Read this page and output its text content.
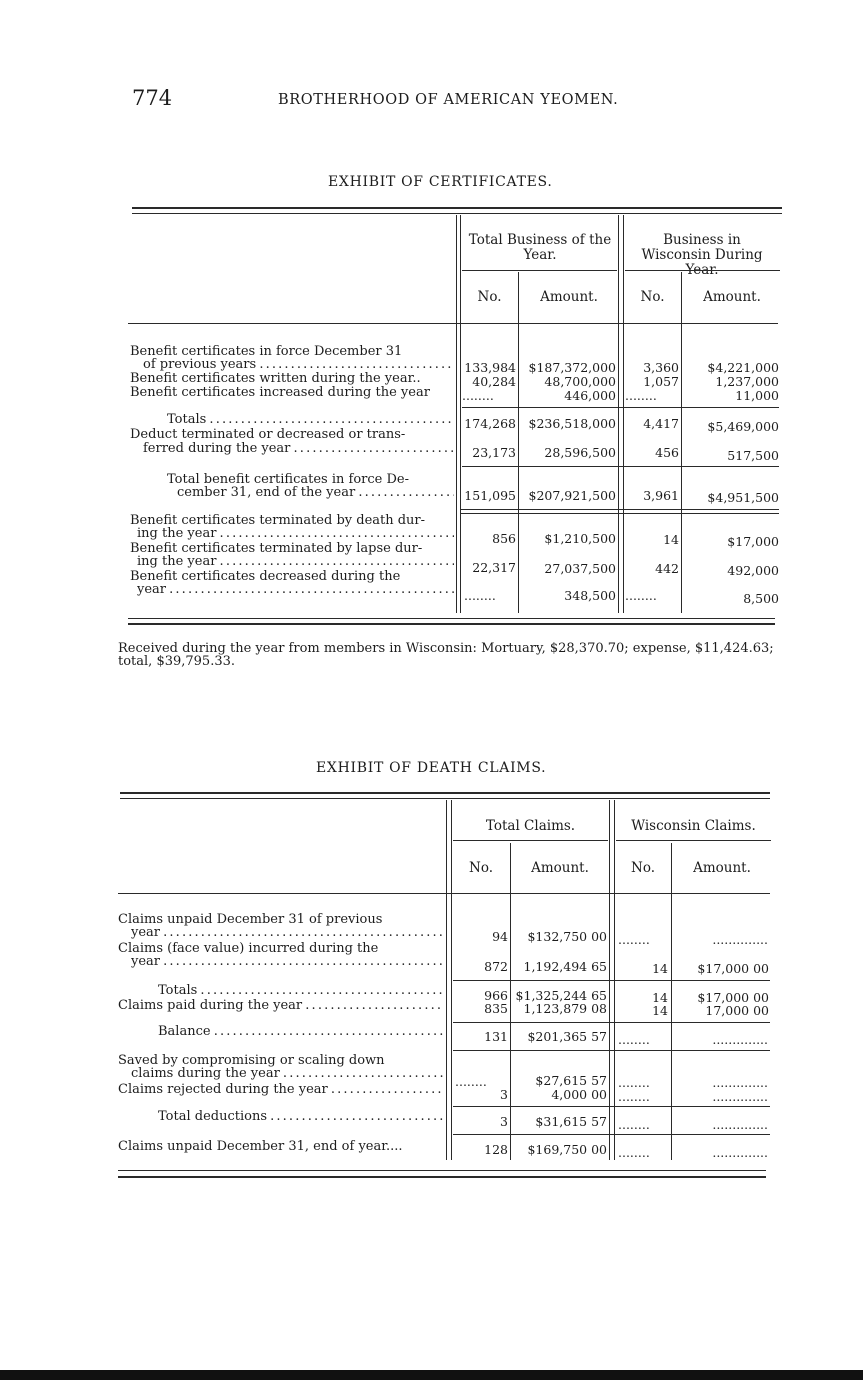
774	BROTHERHOOD OF AMERICAN YEOMEN.
EXHIBIT OF CERTIFICATES.
Total Business of the Year.
Business in Wisconsin During Year.
No.	Amount.	No.	Amount.
Benefit certificates in force December 31
of previous years . . .	133,984	$187,372,000	3,360	$4,221,000
Benefit certificates written during the year..	40,284	48,700,000	1,057	1,237,000
Benefit certificates increased during the year	........	446,000 ........	11,000
Totals . . .	174,268	$236,518,000	4,417	$5,469,000
Deduct terminated or decreased or trans-
ferred during the year . . .	23,173	28,596,500	456	517,500
Total benefit certificates in force De-
cember 31, end of the year . . .	151,095	$207,921,500	3,961	$4,951,500
Benefit certificates terminated by death dur-
ing the year . . .	856	$1,210,500	14	$17,000
Benefit certificates terminated by lapse dur-
ing the year . . .	22,317	27,037,500	442	492,000
Benefit certificates decreased during the
year . . .	........	348,500 ........	8,500
Received during the year from members in Wisconsin: Mortuary, $28,370.70; expense, $11,424.63; total, $39,795.33.
EXHIBIT OF DEATH CLAIMS.
Total Claims.	Wisconsin Claims.
No.	Amount.	No.	Amount.
Claims unpaid December 31 of previous
year . . .	94	$132,750 00 ........	..............
Claims (face value) incurred during the
year . . .	872	1,192,494 65	14	$17,000 00
Totals . . .	966 $1,325,244 65	14	$17,000 00
Claims paid during the year . . .	835	1,123,879 08	14	17,000 00
Balance . . .	131	$201,365 57 ........	..............
Saved by compromising or scaling down
claims during the year . . .
........	$27,615 57 ........	..............
Claims rejected during the year . . .	3	4,000 00 ........	..............
Total deductions . . .	3	$31,615 57 ........	..............
Claims unpaid December 31, end of year....	128	$169,750 00 ........	..............
